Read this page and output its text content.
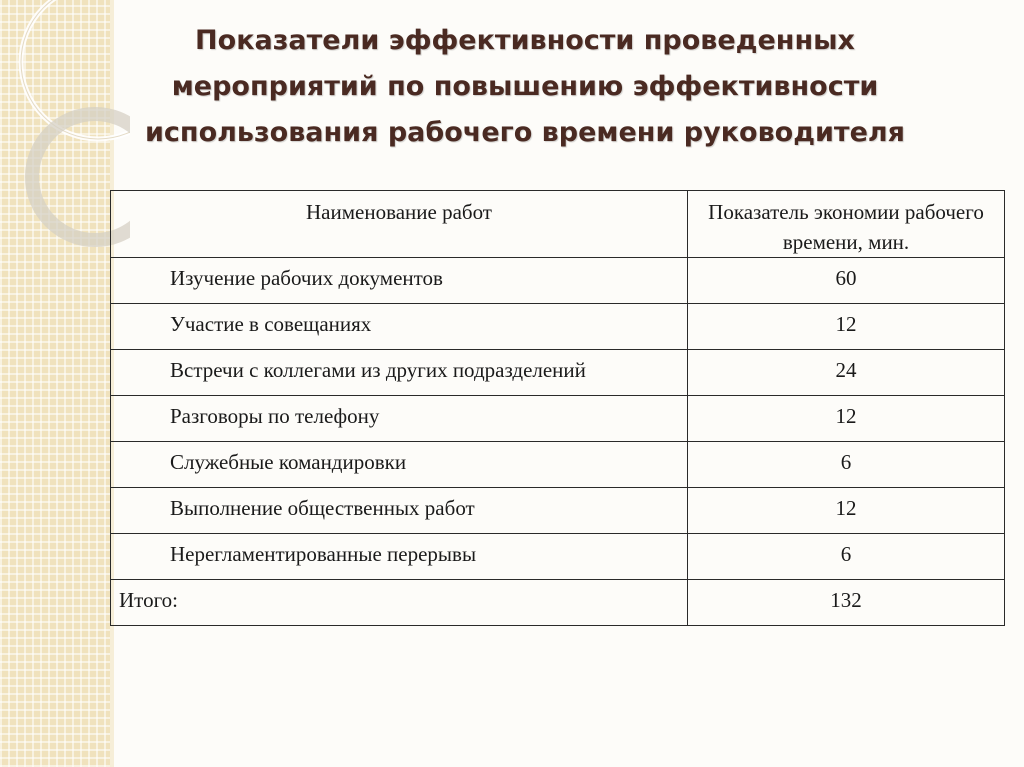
Показатели эффективности проведенных мероприятий по повышению эффективности использования рабочего времени руководителя
Наименование работ	Показатель экономии рабочего времени, мин.
Изучение рабочих документов	60
Участие в совещаниях	12
Встречи с коллегами из других подразделений	24
Разговоры по телефону	12
Служебные командировки	6
Выполнение общественных работ	12
Нерегламентированные перерывы	6
Итого:	132
